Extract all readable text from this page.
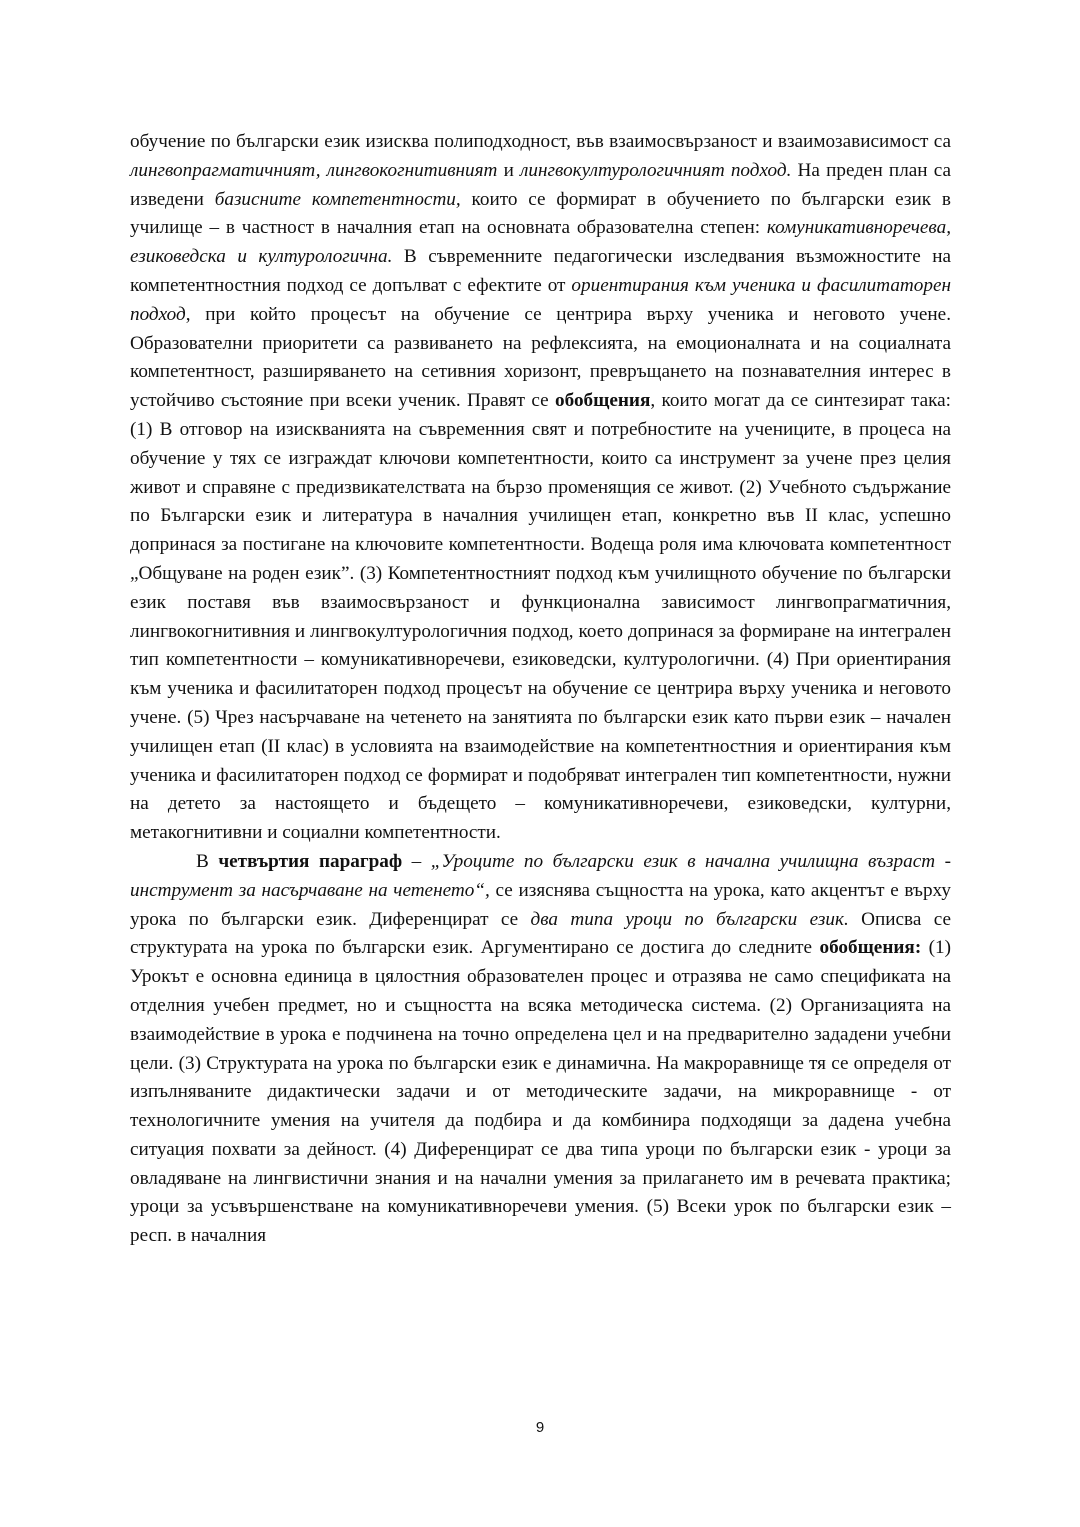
обучение по български език изисква полиподходност, във взаимосвързаност и взаимозависимост са лингвопрагматичният, лингвокогнитивният и лингвокултурологичният подход. На преден план са изведени базисните компетентности, които се формират в обучението по български език в училище – в частност в началния етап на основната образователна степен: комуникативноречева, езиковедска и културологична. В съвременните педагогически изследвания възможностите на компетентностния подход се допълват с ефектите от ориентирания към ученика и фасилитаторен подход, при който процесът на обучение се центрира върху ученика и неговото учене. Образователни приоритети са развиването на рефлексията, на емоционалната и на социалната компетентност, разширяването на сетивния хоризонт, превръщането на познавателния интерес в устойчиво състояние при всеки ученик. Правят се обобщения, които могат да се синтезират така: (1) В отговор на изискванията на съвременния свят и потребностите на учениците, в процеса на обучение у тях се изграждат ключови компетентности, които са инструмент за учене през целия живот и справяне с предизвикателствата на бързо променящия се живот. (2) Учебното съдържание по Български език и литература в началния училищен етап, конкретно във II клас, успешно допринася за постигане на ключовите компетентности. Водеща роля има ключовата компетентност „Общуване на роден език”. (3) Компетентностният подход към училищното обучение по български език поставя във взаимосвързаност и функционална зависимост лингвопрагматичния, лингвокогнитивния и лингвокултурологичния подход, което допринася за формиране на интегрален тип компетентности – комуникативноречеви, езиковедски, културологични. (4) При ориентирания към ученика и фасилитаторен подход процесът на обучение се центрира върху ученика и неговото учене. (5) Чрез насърчаване на четенето на занятията по български език като първи език – начален училищен етап (II клас) в условията на взаимодействие на компетентностния и ориентирания към ученика и фасилитаторен подход се формират и подобряват интегрален тип компетентности, нужни на детето за настоящето и бъдещето – комуникативноречеви, езиковедски, културни, метакогнитивни и социални компетентности.

В четвъртия параграф – „Уроците по български език в начална училищна възраст - инструмент за насърчаване на четенето“, се изяснява същността на урока, като акцентът е върху урока по български език. Диференцират се два типа уроци по български език. Описва се структурата на урока по български език. Аргументирано се достига до следните обобщения: (1) Урокът е основна единица в цялостния образователен процес и отразява не само спецификата на отделния учебен предмет, но и същността на всяка методическа система. (2) Организацията на взаимодействие в урока е подчинена на точно определена цел и на предварително зададени учебни цели. (3) Структурата на урока по български език е динамична. На макроравнище тя се определя от изпълняваните дидактически задачи и от методическите задачи, на микроравнище - от технологичните умения на учителя да подбира и да комбинира подходящи за дадена учебна ситуация похвати за дейност. (4) Диференцират се два типа уроци по български език - уроци за овладяване на лингвистични знания и на начални умения за прилагането им в речевата практика; уроци за усъвършенстване на комуникативноречеви умения. (5) Всеки урок по български език – респ. в началния

9
